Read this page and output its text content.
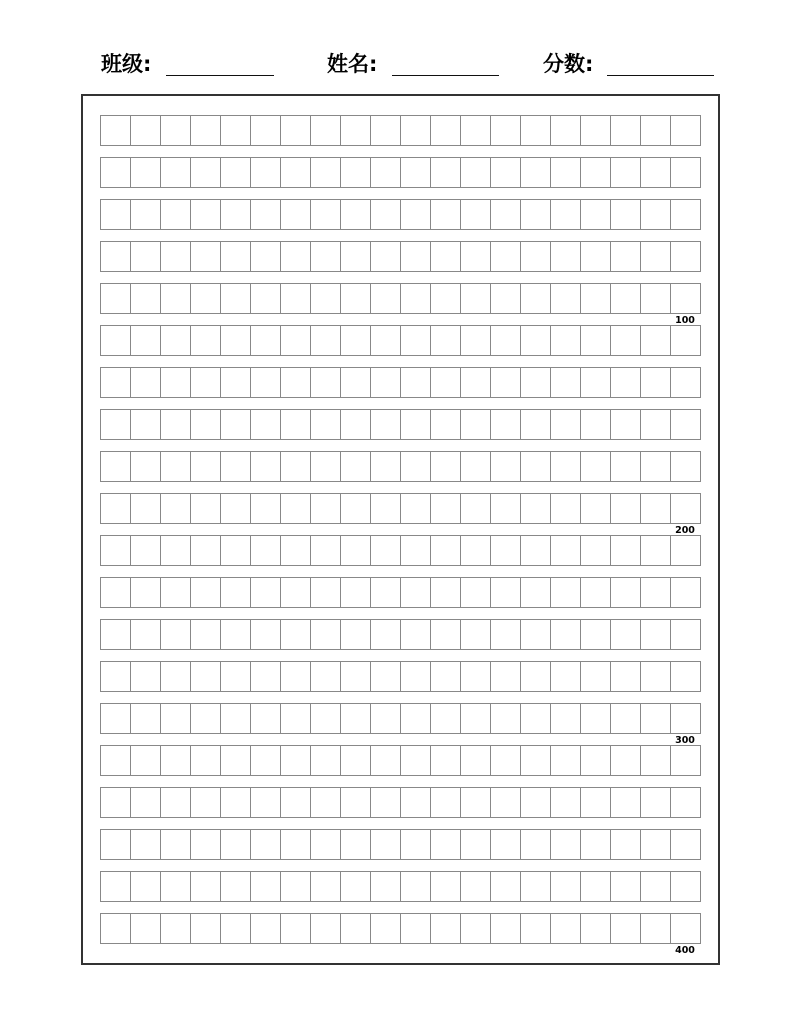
班级:	姓名:	分数:
100
200
300
400
